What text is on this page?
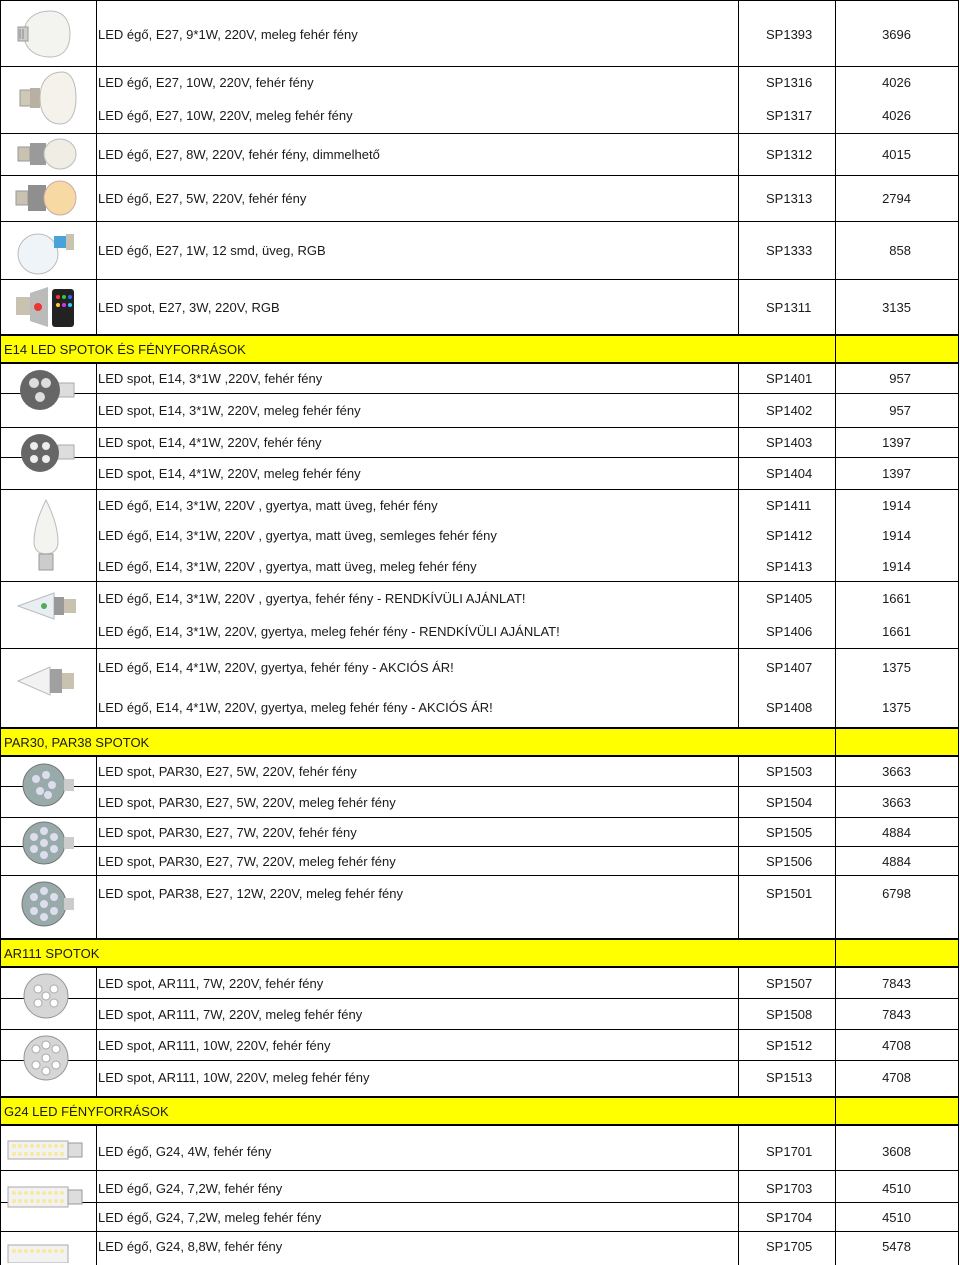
LED égő, E27, 9*1W, 220V, meleg fehér fény	SP1393	3696
LED égő, E27, 10W, 220V, fehér fény	SP1316	4026
LED égő, E27, 10W, 220V, meleg fehér fény	SP1317	4026
LED égő, E27, 8W, 220V, fehér fény, dimmelhető	SP1312	4015
LED égő, E27, 5W, 220V, fehér fény	SP1313	2794
LED égő, E27, 1W, 12 smd, üveg, RGB	SP1333	858
LED spot, E27, 3W, 220V, RGB	SP1311	3135
E14 LED SPOTOK ÉS FÉNYFORRÁSOK
LED spot, E14, 3*1W ,220V, fehér fény	SP1401	957
LED spot, E14, 3*1W, 220V, meleg fehér fény	SP1402	957
LED spot, E14, 4*1W, 220V, fehér fény	SP1403	1397
LED spot, E14, 4*1W, 220V, meleg fehér fény	SP1404	1397
LED égő, E14, 3*1W, 220V , gyertya, matt üveg, fehér fény	SP1411	1914
LED égő, E14, 3*1W, 220V , gyertya, matt üveg, semleges fehér fény	SP1412	1914
LED égő, E14, 3*1W, 220V , gyertya, matt üveg, meleg fehér fény	SP1413	1914
LED égő, E14, 3*1W, 220V , gyertya, fehér fény - RENDKÍVÜLI AJÁNLAT!	SP1405	1661
LED égő, E14, 3*1W, 220V, gyertya, meleg fehér fény - RENDKÍVÜLI AJÁNLAT!	SP1406	1661
LED égő, E14, 4*1W, 220V, gyertya, fehér fény - AKCIÓS ÁR!	SP1407	1375
LED égő, E14, 4*1W, 220V, gyertya, meleg fehér fény - AKCIÓS ÁR!	SP1408	1375
PAR30, PAR38 SPOTOK
LED spot, PAR30, E27, 5W, 220V, fehér fény	SP1503	3663
LED spot, PAR30, E27, 5W, 220V, meleg fehér fény	SP1504	3663
LED spot, PAR30, E27, 7W, 220V, fehér fény	SP1505	4884
LED spot, PAR30, E27, 7W, 220V, meleg fehér fény	SP1506	4884
LED spot, PAR38, E27, 12W, 220V, meleg fehér fény	SP1501	6798
AR111 SPOTOK
LED spot, AR111, 7W, 220V, fehér fény	SP1507	7843
LED spot, AR111, 7W, 220V, meleg fehér fény	SP1508	7843
LED spot, AR111, 10W, 220V, fehér fény	SP1512	4708
LED spot, AR111, 10W, 220V, meleg fehér fény	SP1513	4708
G24 LED FÉNYFORRÁSOK
LED égő, G24, 4W, fehér fény	SP1701	3608
LED égő, G24, 7,2W, fehér fény	SP1703	4510
LED égő, G24, 7,2W, meleg fehér fény	SP1704	4510
LED égő, G24, 8,8W, fehér fény	SP1705	5478
